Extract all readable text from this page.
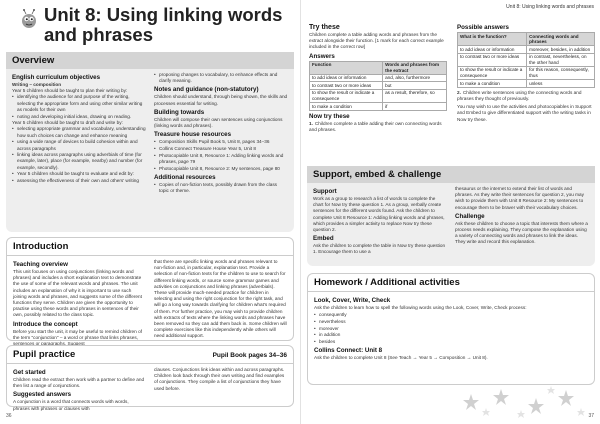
Unit 8: Using linking words
and phrases
Overview
English curriculum objectives

Writing – composition

Year 5 children should be taught to plan their writing by:

• identifying the audience for and purpose of the writing, selecting the appropriate form and using other similar writing as models for their own
• noting and developing initial ideas, drawing on reading.

Year 5 children should be taught to draft and write by:

• selecting appropriate grammar and vocabulary, understanding how such choices can change and enhance meaning
• using a wide range of devices to build cohesion within and across paragraphs
• linking ideas across paragraphs using adverbials of time (for example, later), place (for example, nearby) and number (for example, secondly).
• Year 5 children should be taught to evaluate and edit by:
• assessing the effectiveness of their own and others' writing
• proposing changes to vocabulary, to enhance effects and clarify meaning.
Notes and guidance (non-statutory)

Children should understand, through being shown, the skills and processes essential for writing.

Building towards

Children will compose their own sentences using conjunctions (linking words and phrases).

Treasure house resources
• Composition Skills Pupil Book 5, Unit 8, pages 34–36
• Collins Connect Treasure House Year 5, Unit 8
• Photocopiable Unit 8, Resource 1: Adding linking words and phrases, page 79
• Photocopiable Unit 8, Resource 2: My sentences, page 80
Additional resources
• Copies of non-fiction texts, possibly drawn from the class topic or theme.
Introduction
Teaching overview

This unit focuses on using conjunctions (linking words and phrases) and includes a short explanation text to demonstrate the use of some of the relevant words and phrases. The unit includes an explanation of why it is important to use such joining words and phrases, and suggests some of the different functions they serve. Children are given the opportunity to practise using these words and phrases in sentences of their own, possibly related to the class topic.

Introduce the concept

Before you start the unit, it may be useful to remind children of the term "conjunction" – a word or phrase that links phrases, sentences or paragraphs. Suggest

that there are specific linking words and phrases relevant to non-fiction and, in particular, explanation text. Provide a selection of non-fiction texts for the children to use to search for different linking words, or source some grammar games and activities on conjunctions and linking phrases (adverbials). These will provide much-needed practice for children in selecting and using the right conjunction for the right task, and will go a long way towards clarifying for children what's required of them. For further practice, you may wish to provide children with extracts of texts where the linking words and phrases have been removed so they can add them back in. Some children will complete exercises like this independently while others will need additional support.

Pupil practice	Pupil Book pages 34–36
Get started

Children read the extract then work with a partner to define and then list a range of conjunctions.

Suggested answers

A conjunction is a word that connects words with words, phrases with phrases or clauses with

clauses. Conjunctions link ideas within and across paragraphs. Children look back through their own writing and find examples of conjunctions. They compile a list of conjunctions they have used before.

36
Unit 8: Using linking words and phrases
Try these

Children complete a table adding words and phrases from the extract alongside their function. [1 mark for each correct example included in the correct row]

Answers
Function	Words and phrases from the extract
to add ideas or information	and, also, furthermore
to contrast two or more ideas	but
to show the result or indicate a consequence	as a result, therefore, so
to make a condition	if
Now try these

1. Children complete a table adding their own connecting words and phrases.

Possible answers
What is the function?	Connecting words and phrases
to add ideas or information	moreover, besides, in addition
to contrast two or more ideas	in contrast, nevertheless, on the other hand
to show the result or indicate a consequence	for this reason, consequently, thus
to make a condition	unless

2. Children write sentences using the connecting words and phrases they thought of previously.

You may wish to use the activities and photocopiables in Support and Embed to give differentiated support with the writing tasks in Now try these.

Support, embed & challenge
Support

Work as a group to research a list of words to complete the chart for Now try these question 1. As a group, verbally create sentences for the different words found. Ask the children to complete Unit 8 Resource 1: Adding linking words and phrases, which provides a simpler activity to replace Now try these question 2.

Embed

Ask the children to complete the table in Now try these question 1. Encourage them to use a

thesaurus or the internet to extend their list of words and phrases. As they write their sentences for question 2, you may wish to provide them with Unit 8 Resource 2: My sentences to encourage them to be braver with their vocabulary choices.

Challenge

Ask these children to choose a topic that interests them where a process needs explaining. They compose the explanation using a variety of connecting words and phrases to link the ideas. They write and record this explanation.

Homework / Additional activities
Look, Cover, Write, Check

Ask the children to learn how to spell the following words using the Look, Cover, Write, Check process:

• consequently
• nevertheless
• moreover
• in addition
• besides
Collins Connect: Unit 8

Ask the children to complete Unit 8 (See Teach → Year 5 → Composition → Unit 8).

37
